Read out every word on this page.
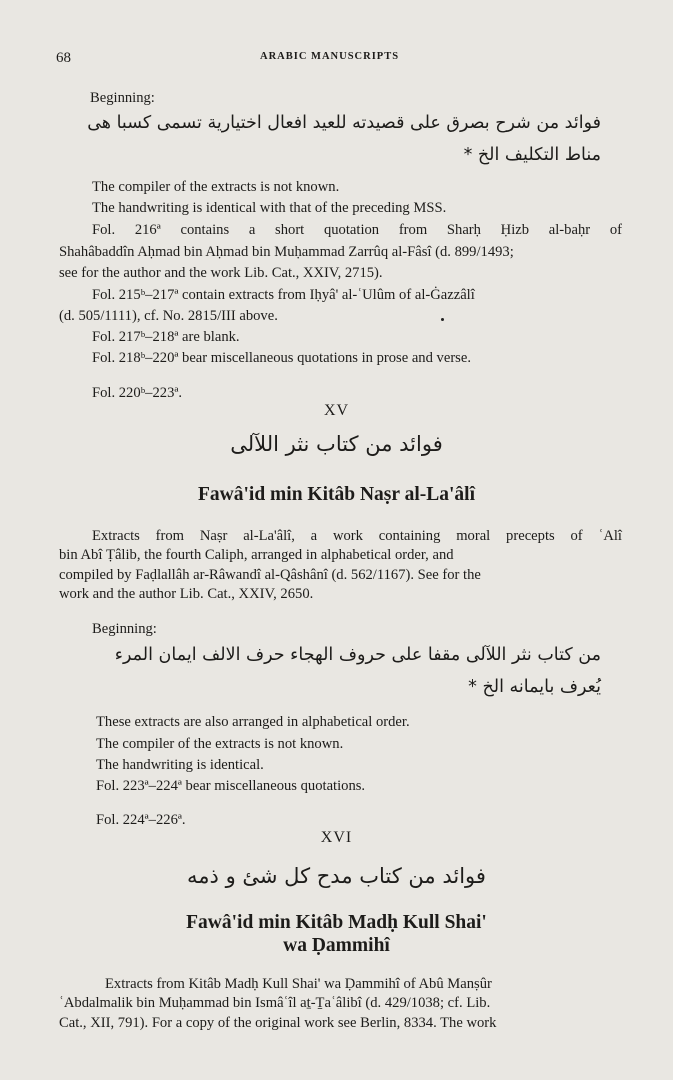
68	ARABIC MANUSCRIPTS
Beginning:
فوائد من شرح بصرق على قصيدته للعيد افعال اختيارية تسمى كسبا هى
مناط التكليف الخ *
The compiler of the extracts is not known.
The handwriting is identical with that of the preceding MSS.
Fol. 216ª contains a short quotation from Sharḥ Ḥizb al-baḥr of
Shahâbaddîn Aḥmad bin Aḥmad bin Muḥammad Zarrûq al-Fâsî (d. 899/1493;
see for the author and the work Lib. Cat., XXIV, 2715).
Fol. 215ᵇ–217ª contain extracts from Iḥyâ' al-ʿUlûm of al-Ġazzâlî
(d. 505/1111), cf. No. 2815/III above.
Fol. 217ᵇ–218ª are blank.
Fol. 218ᵇ–220ª bear miscellaneous quotations in prose and verse.
Fol. 220ᵇ–223ª.
XV
فوائد من كتاب نثر اللآلى
Fawâ'id min Kitâb Naṣr al-La'âlî
Extracts from Naṣr al-La'âlî, a work containing moral precepts of ʿAlî
bin Abî Ṭâlib, the fourth Caliph, arranged in alphabetical order, and
compiled by Faḍlallâh ar-Râwandî al-Qâshânî (d. 562/1167). See for the
work and the author Lib. Cat., XXIV, 2650.
Beginning:
من كتاب نثر اللآلى مقفا على حروف الهجاء حرف الالف ايمان المرء
يُعرف بايمانه الخ *
These extracts are also arranged in alphabetical order.
The compiler of the extracts is not known.
The handwriting is identical.
Fol. 223ª–224ª bear miscellaneous quotations.
Fol. 224ª–226ª.
XVI
فوائد من كتاب مدح كل شئ و ذمه
Fawâ'id min Kitâb Madḥ Kull Shai'
wa Ḍammihî
Extracts from Kitâb Madḥ Kull Shai' wa Ḍammihî of Abû Manṣûr
ʿAbdalmalik bin Muḥammad bin Ismâʿîl aṯ-Ṯaʿâlibî (d. 429/1038; cf. Lib.
Cat., XII, 791). For a copy of the original work see Berlin, 8334. The work
